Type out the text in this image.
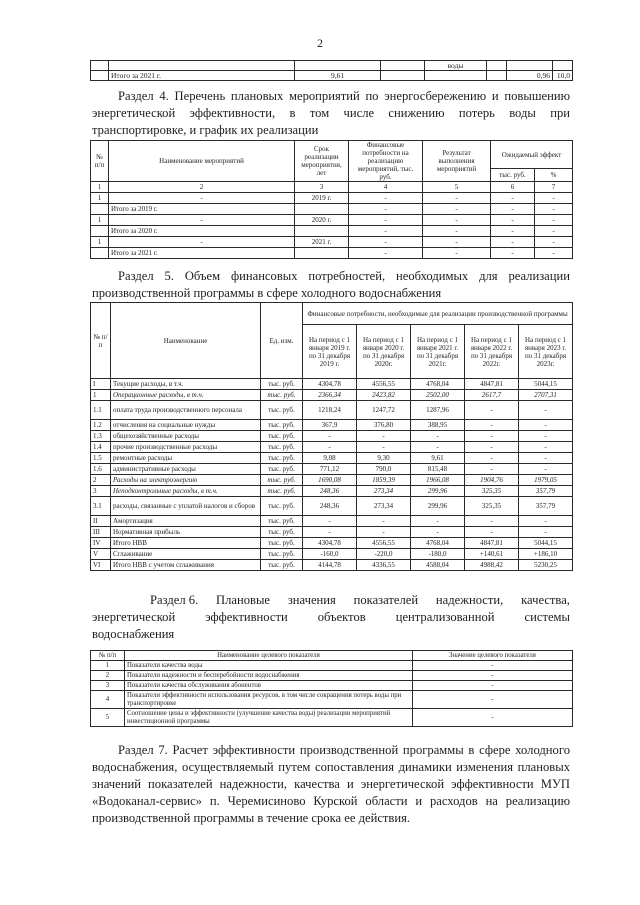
2
				воды			
	Итого за 2021 г.	9,61				0,96	10,0
Раздел 4. Перечень плановых мероприятий по энергосбережению и повышению энергетической эффективности, в том числе снижению потерь воды при транспортировке, и график их реализации
№ п/п	Наименование мероприятий	Срок реализации мероприятия, лет	Финансовые потребности на реализацию мероприятий, тыс. руб.	Результат выполнения мероприятий	Ожидаемый эффект	
					тыс. руб.	%
1	2	3	4	5	6	7
1	-	2019 г.	-	-	-	-
	Итого за 2019 г.		-	-	-	-
1	-	2020 г.	-	-	-	-
	Итого за 2020 г.		-	-	-	-
1	-	2021 г.	-	-	-	-
	Итого за 2021 г.		-	-	-	-
Раздел 5. Объем финансовых потребностей, необходимых для реализации производственной программы в сфере холодного водоснабжения
№ п/п	Наименование	Ед. изм.	Финансовые потребности, необходимые для реализации производственной программы				
			На период с 1 января 2019 г. по 31 декабря 2019 г.	На период с 1 января 2020 г. по 31 декабря 2020г.	На период с 1 января 2021 г. по 31 декабря 2021г.	На период с 1 января 2022 г. по 31 декабря 2022г.	На период с 1 января 2023 г. по 31 декабря 2023г.
I	Текущие расходы, в т.ч.	тыс. руб.	4304,78	4556,55	4768,04	4847,81	5044,15
1	Операционные расходы, в т.ч.	тыс. руб.	2366,34	2423,82	2502,00	2617,7	2707,31
1.1	оплата труда производственного персонала	тыс. руб.	1218,24	1247,72	1287,96	-	-
1.2	отчисления на социальные нужды	тыс. руб.	367,9	376,80	388,95	-	-
1.3	общехозяйственные расходы	тыс. руб.	-	-	-	-	-
1.4	прочие производственные расходы	тыс. руб.	-	-	-	-	-
1.5	ремонтные расходы	тыс. руб.	9,08	9,30	9,61	-	-
1.6	административные расходы	тыс. руб.	771,12	790,0	815,48	-	-
2	Расходы на электроэнергию	тыс. руб.	1690,08	1859,39	1966,08	1904,76	1979,05
3	Неподконтрольные расходы, в т.ч.	тыс. руб.	248,36	273,34	299,96	325,35	357,79
3.1	расходы, связанные с уплатой налогов и сборов	тыс. руб.	248,36	273,34	299,96	325,35	357,79
II	Амортизация	тыс. руб.	-	-	-	-	-
III	Нормативная прибыль	тыс. руб.	-	-	-	-	-
IV	Итого НВВ	тыс. руб.	4304,78	4556,55	4768,04	4847,81	5044,15
V	Сглаживание	тыс. руб.	-160,0	-220,0	-180,0	+140,61	+186,10
VI	Итого НВВ с учетом сглаживания	тыс. руб.	4144,78	4336,55	4588,04	4988,42	5230,25
Раздел 6. Плановые значения показателей надежности, качества,
энергетической эффективности объектов централизованной системы
водоснабжения
№ п/п	Наименование целевого показателя	Значение целевого показателя
1	Показатели качества воды	-
2	Показатели надежности и бесперебойности водоснабжения	-
3	Показатели качества обслуживания абонентов	-
4	Показатели эффективности использования ресурсов, в том числе сокращения потерь воды при транспортировке	-
5	Соотношение цены и эффективности (улучшение качества воды) реализации мероприятий инвестиционной программы	-
Раздел 7. Расчет эффективности производственной программы в сфере холодного водоснабжения, осуществляемый путем сопоставления динамики изменения плановых значений показателей надежности, качества и энергетической эффективности МУП «Водоканал-сервис» п. Черемисиново Курской области и расходов на реализацию производственной программы в течение срока ее действия.
